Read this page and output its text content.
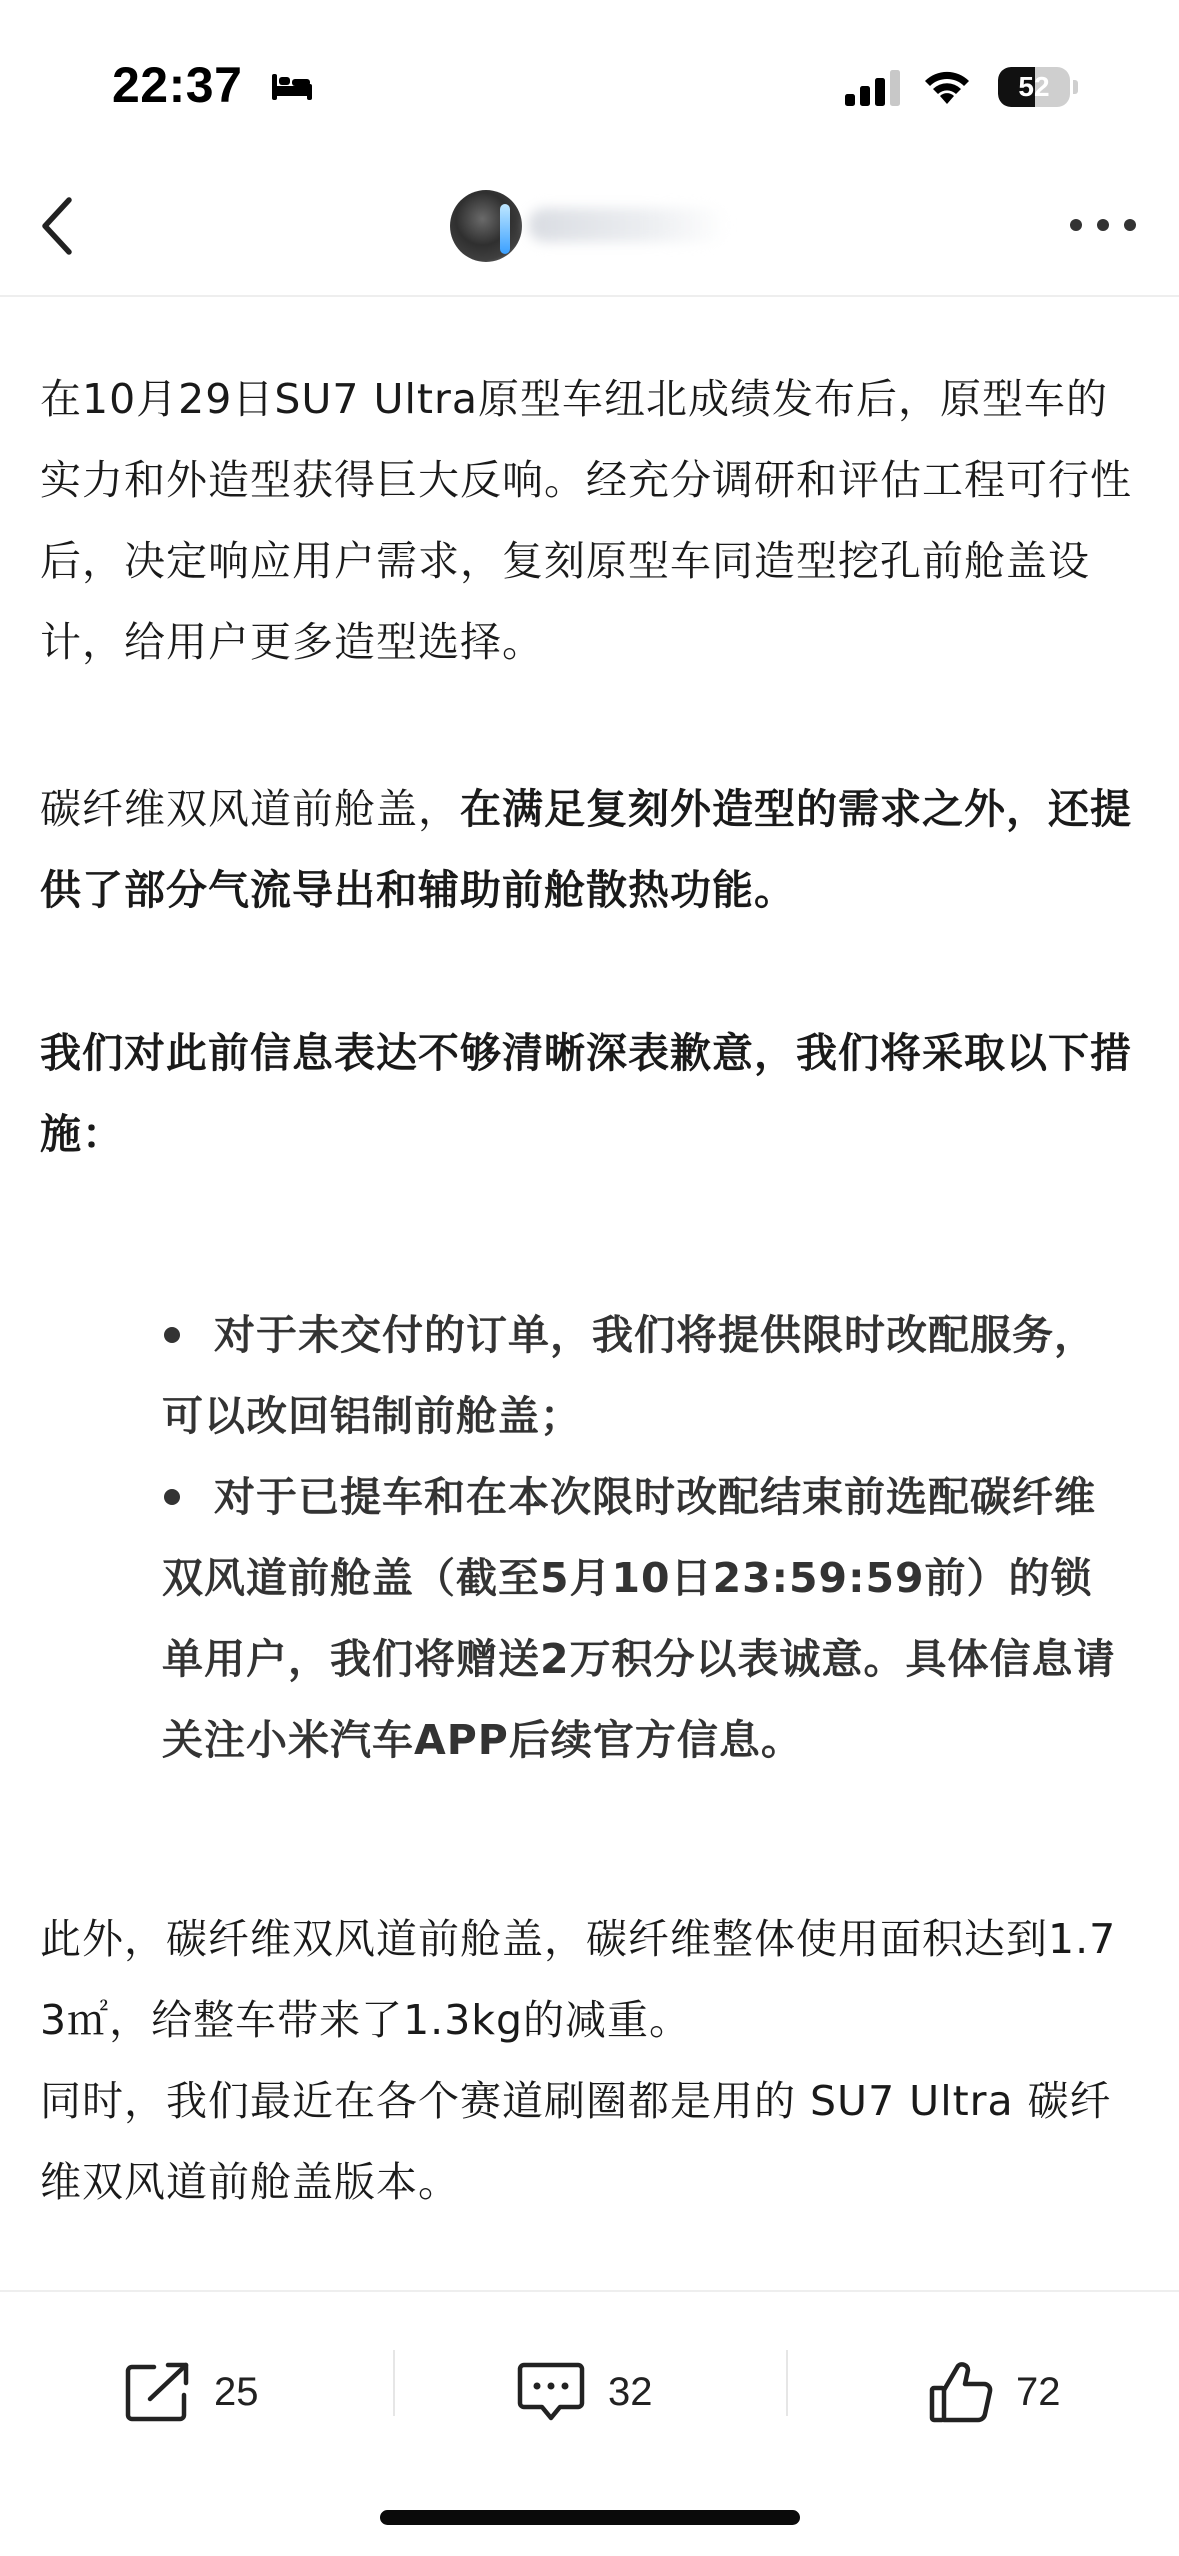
22:37	52

在10月29日SU7 Ultra原型车纽北成绩发布后，原型车的实力和外造型获得巨大反响。经充分调研和评估工程可行性后，决定响应用户需求，复刻原型车同造型挖孔前舱盖设计，给用户更多造型选择。

碳纤维双风道前舱盖，在满足复刻外造型的需求之外，还提供了部分气流导出和辅助前舱散热功能。

我们对此前信息表达不够清晰深表歉意，我们将采取以下措施：

对于未交付的订单，我们将提供限时改配服务，可以改回铝制前舱盖；
对于已提车和在本次限时改配结束前选配碳纤维双风道前舱盖（截至5月10日23:59:59前）的锁单用户，我们将赠送2万积分以表诚意。具体信息请关注小米汽车APP后续官方信息。

此外，碳纤维双风道前舱盖，碳纤维整体使用面积达到1.73㎡，给整车带来了1.3kg的减重。

同时，我们最近在各个赛道刷圈都是用的 SU7 Ultra 碳纤维双风道前舱盖版本。

25	32	72
